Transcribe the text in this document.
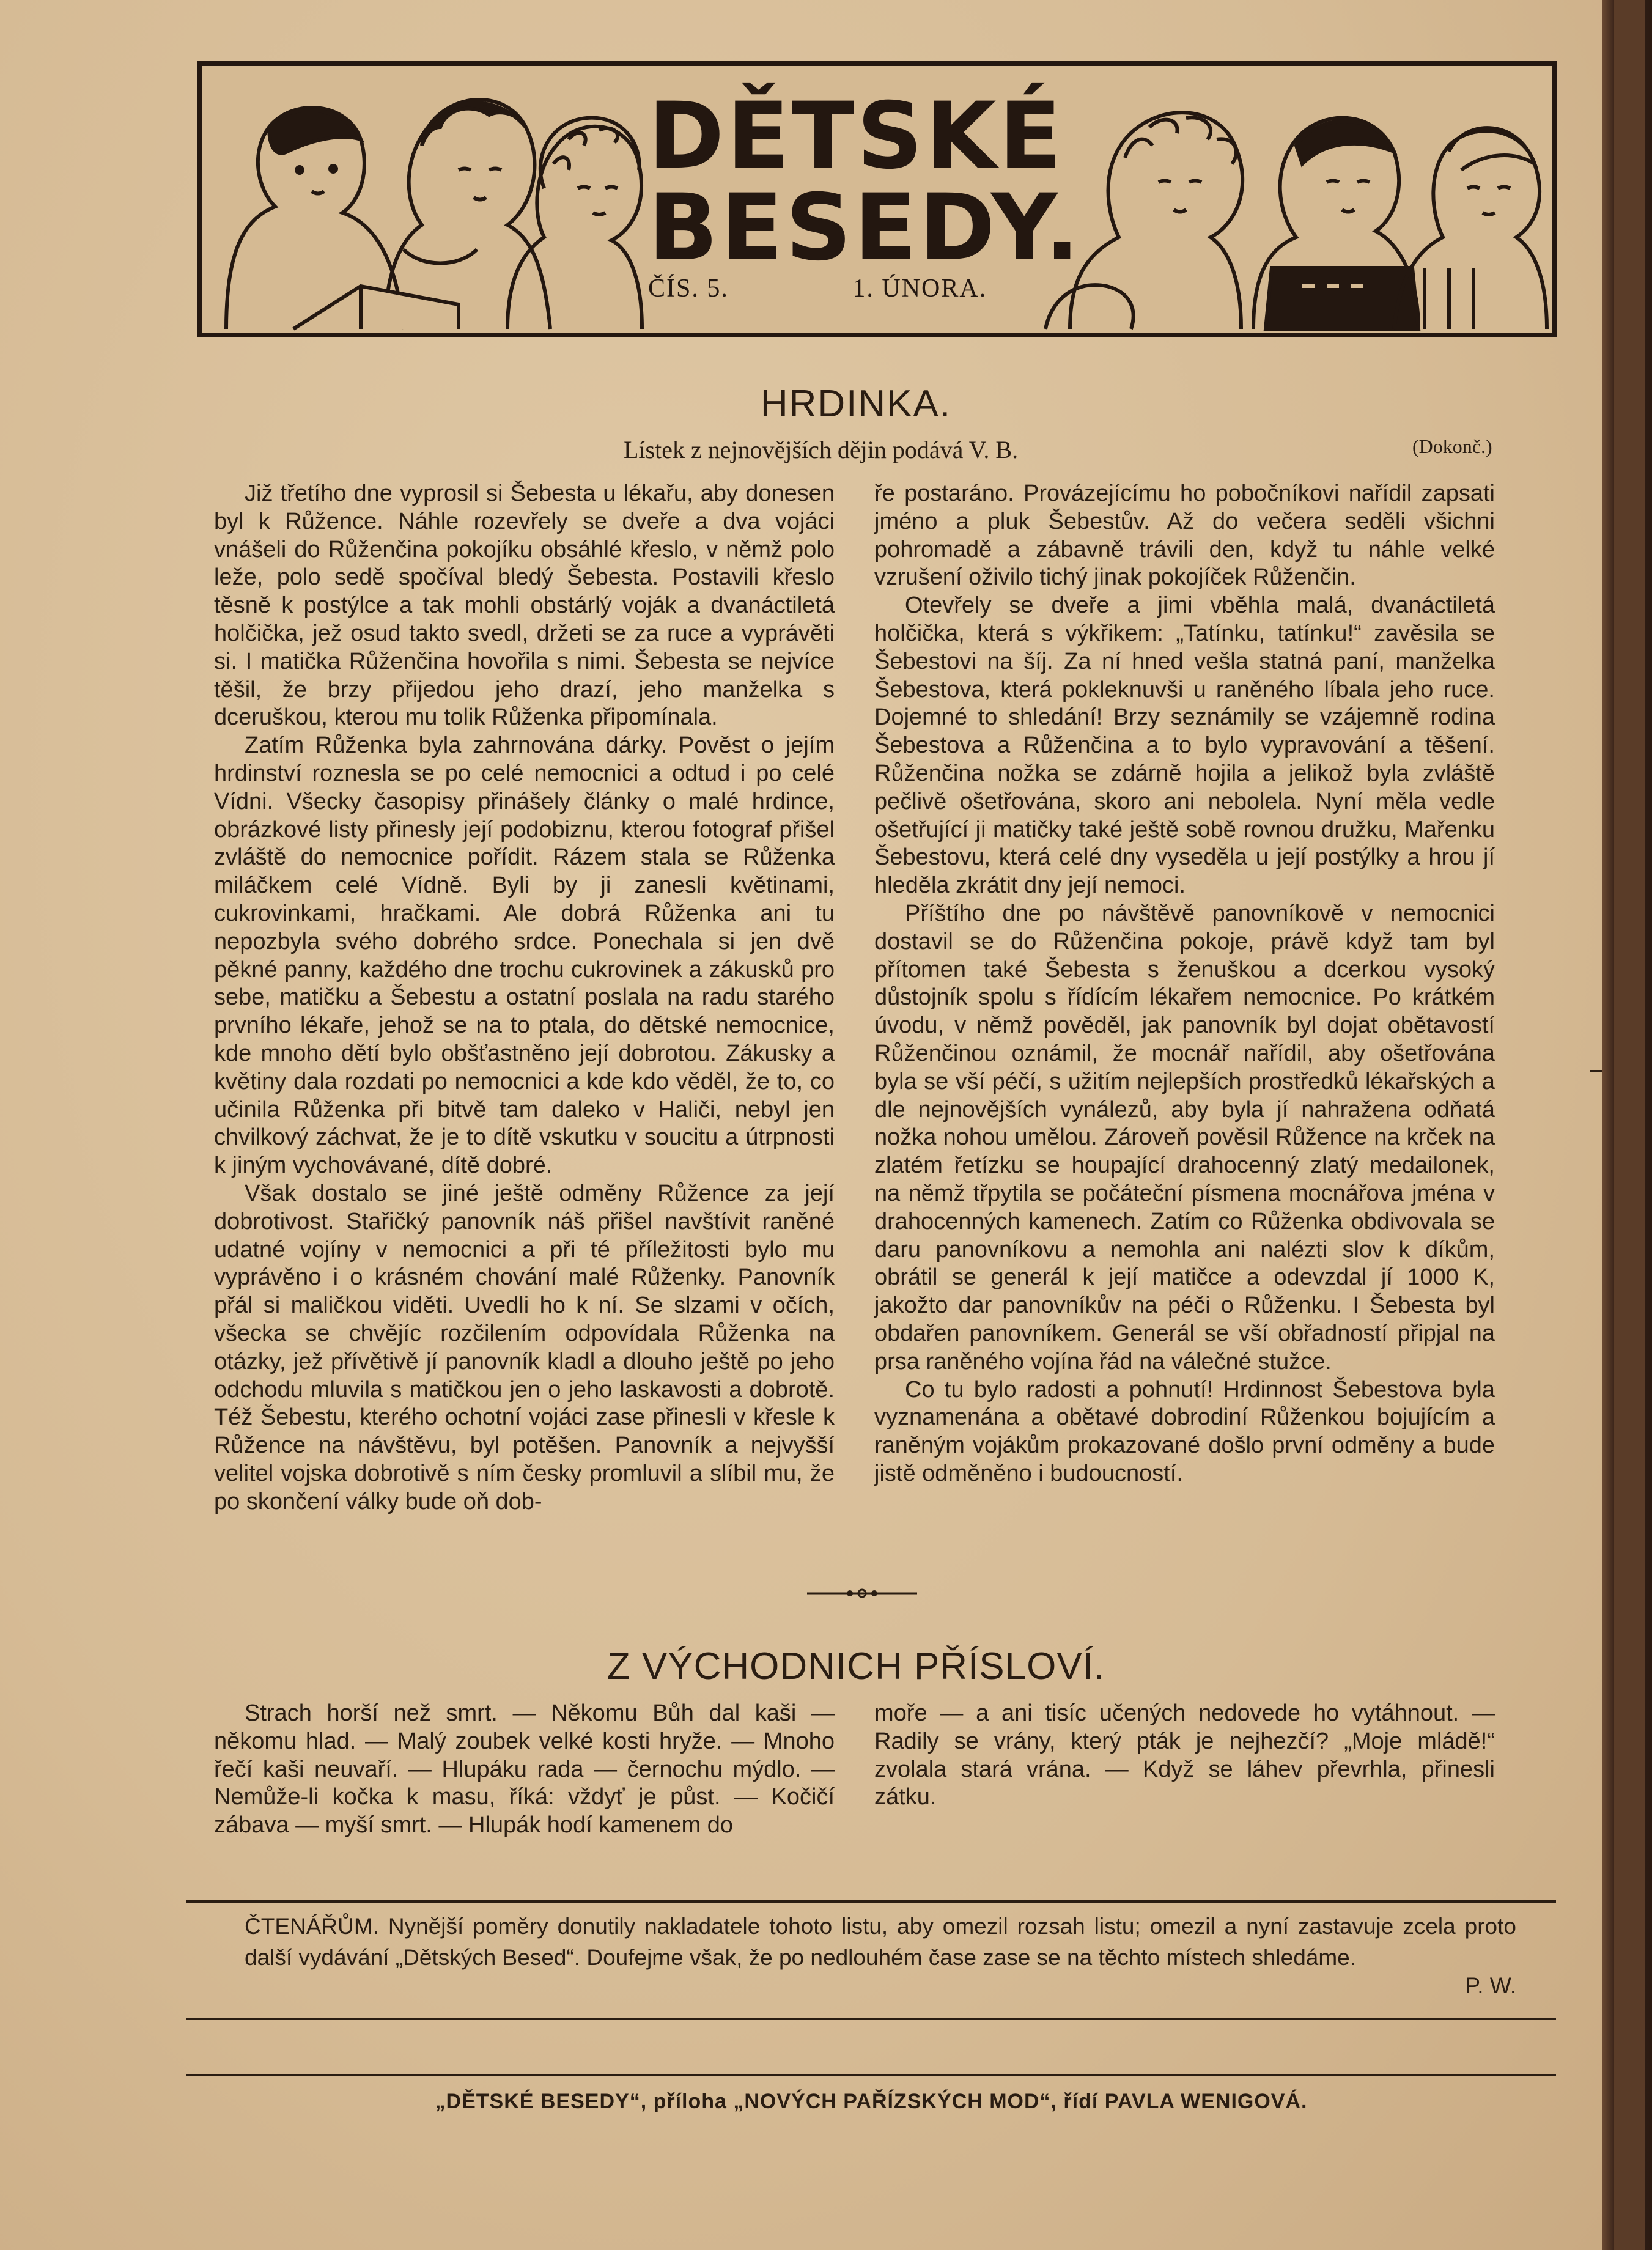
DĚTSKÉ
BESEDY.
ČÍS. 5.	1. ÚNORA.
HRDINKA.
Lístek z nejnovějších dějin podává V. B.	(Dokonč.)

Již třetího dne vyprosil si Šebesta u lékařu, aby donesen byl k Růžence. Náhle rozevřely se dveře a dva vojáci vnášeli do Růženčina pokojíku obsáhlé křeslo, v němž polo leže, polo sedě spočíval bledý Šebesta. Postavili křeslo těsně k postýlce a tak mohli obstárlý voják a dvanáctiletá holčička, jež osud takto svedl, držeti se za ruce a vyprávěti si. I matička Růženčina hovořila s nimi. Šebesta se nejvíce těšil, že brzy přijedou jeho drazí, jeho manželka s dceruškou, kterou mu tolik Růženka připomínala.

Zatím Růženka byla zahrnována dárky. Pověst o jejím hrdinství roznesla se po celé nemocnici a odtud i po celé Vídni. Všecky časopisy přinášely články o malé hrdince, obrázkové listy přinesly její podobiznu, kterou fotograf přišel zvláště do nemocnice pořídit. Rázem stala se Růženka miláčkem celé Vídně. Byli by ji zanesli květinami, cukrovinkami, hračkami. Ale dobrá Růženka ani tu nepozbyla svého dobrého srdce. Ponechala si jen dvě pěkné panny, každého dne trochu cukrovinek a zákusků pro sebe, matičku a Šebestu a ostatní poslala na radu starého prvního lékaře, jehož se na to ptala, do dětské nemocnice, kde mnoho dětí bylo obšťastněno její dobrotou. Zákusky a květiny dala rozdati po nemocnici a kde kdo věděl, že to, co učinila Růženka při bitvě tam daleko v Haliči, nebyl jen chvilkový záchvat, že je to dítě vskutku v soucitu a útrpnosti k jiným vychovávané, dítě dobré.

Však dostalo se jiné ještě odměny Růžence za její dobrotivost. Stařičký panovník náš přišel navštívit raněné udatné vojíny v nemocnici a při té příležitosti bylo mu vyprávěno i o krásném chování malé Růženky. Panovník přál si maličkou viděti. Uvedli ho k ní. Se slzami v očích, všecka se chvějíc rozčilením odpovídala Růženka na otázky, jež přívětivě jí panovník kladl a dlouho ještě po jeho odchodu mluvila s matičkou jen o jeho laskavosti a dobrotě. Též Šebestu, kterého ochotní vojáci zase přinesli v křesle k Růžence na návštěvu, byl potěšen. Panovník a nejvyšší velitel vojska dobrotivě s ním česky promluvil a slíbil mu, že po skončení války bude oň dob-

ře postaráno. Provázejícímu ho pobočníkovi nařídil zapsati jméno a pluk Šebestův. Až do večera seděli všichni pohromadě a zábavně trávili den, když tu náhle velké vzrušení oživilo tichý jinak pokojíček Růženčin.

Otevřely se dveře a jimi vběhla malá, dvanáctiletá holčička, která s výkřikem: „Tatínku, tatínku!“ zavěsila se Šebestovi na šíj. Za ní hned vešla statná paní, manželka Šebestova, která pokleknuvši u raněného líbala jeho ruce. Dojemné to shledání! Brzy seznámily se vzájemně rodina Šebestova a Růženčina a to bylo vypravování a těšení. Růženčina nožka se zdárně hojila a jelikož byla zvláště pečlivě ošetřována, skoro ani nebolela. Nyní měla vedle ošetřující ji matičky také ještě sobě rovnou družku, Mařenku Šebestovu, která celé dny vyseděla u její postýlky a hrou jí hleděla zkrátit dny její nemoci.

Příštího dne po návštěvě panovníkově v nemocnici dostavil se do Růženčina pokoje, právě když tam byl přítomen také Šebesta s ženuškou a dcerkou vysoký důstojník spolu s řídícím lékařem nemocnice. Po krátkém úvodu, v němž pověděl, jak panovník byl dojat obětavostí Růženčinou oznámil, že mocnář nařídil, aby ošetřována byla se vší péčí, s užitím nejlepších prostředků lékařských a dle nejnovějších vynálezů, aby byla jí nahražena odňatá nožka nohou umělou. Zároveň pověsil Růžence na krček na zlatém řetízku se houpající drahocenný zlatý medailonek, na němž třpytila se počáteční písmena mocnářova jména v drahocenných kamenech. Zatím co Růženka obdivovala se daru panovníkovu a nemohla ani nalézti slov k díkům, obrátil se generál k její matičce a odevzdal jí 1000 K, jakožto dar panovníkův na péči o Růženku. I Šebesta byl obdařen panovníkem. Generál se vší obřadností připjal na prsa raněného vojína řád na válečné stužce.

Co tu bylo radosti a pohnutí! Hrdinnost Šebestova byla vyznamenána a obětavé dobrodiní Růženkou bojujícím a raněným vojákům prokazované došlo první odměny a bude jistě odměněno i budoucností.

Z VÝCHODNICH PŘÍSLOVÍ.

Strach horší než smrt. — Někomu Bůh dal kaši — někomu hlad. — Malý zoubek velké kosti hryže. — Mnoho řečí kaši neuvaří. — Hlupáku rada — černochu mýdlo. — Nemůže-li kočka k masu, říká: vždyť je půst. — Kočičí zábava — myší smrt. — Hlupák hodí kamenem do

moře — a ani tisíc učených nedovede ho vytáhnout. — Radily se vrány, který pták je nejhezčí? „Moje mládě!“ zvolala stará vrána. — Když se láhev převrhla, přinesli zátku.

ČTENÁŘŮM. Nynější poměry donutily nakladatele tohoto listu, aby omezil rozsah listu; omezil a nyní zastavuje zcela proto další vydávání „Dětských Besed“. Doufejme však, že po nedlouhém čase zase se na těchto místech shledáme.
P. W.
„DĚTSKÉ BESEDY“, příloha „NOVÝCH PAŘÍZSKÝCH MOD“, řídí PAVLA WENIGOVÁ.
